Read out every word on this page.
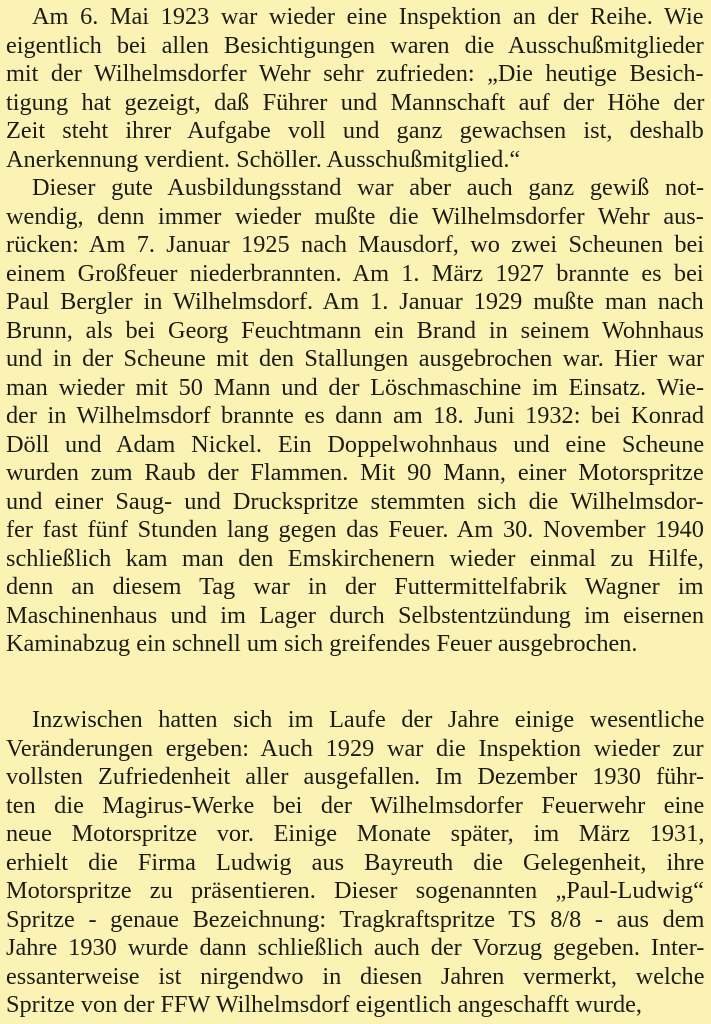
Am 6. Mai 1923 war wieder eine Inspektion an der Reihe. Wie
eigentlich bei allen Besichtigungen waren die Ausschußmitglieder
mit der Wilhelmsdorfer Wehr sehr zufrieden: „Die heutige Besich-
tigung hat gezeigt, daß Führer und Mannschaft auf der Höhe der
Zeit steht ihrer Aufgabe voll und ganz gewachsen ist, deshalb
Anerkennung verdient. Schöller. Ausschußmitglied.“
Dieser gute Ausbildungsstand war aber auch ganz gewiß not-
wendig, denn immer wieder mußte die Wilhelmsdorfer Wehr aus-
rücken: Am 7. Januar 1925 nach Mausdorf, wo zwei Scheunen bei
einem Großfeuer niederbrannten. Am 1. März 1927 brannte es bei
Paul Bergler in Wilhelmsdorf. Am 1. Januar 1929 mußte man nach
Brunn, als bei Georg Feuchtmann ein Brand in seinem Wohnhaus
und in der Scheune mit den Stallungen ausgebrochen war. Hier war
man wieder mit 50 Mann und der Löschmaschine im Einsatz. Wie-
der in Wilhelmsdorf brannte es dann am 18. Juni 1932: bei Konrad
Döll und Adam Nickel. Ein Doppelwohnhaus und eine Scheune
wurden zum Raub der Flammen. Mit 90 Mann, einer Motorspritze
und einer Saug- und Druckspritze stemmten sich die Wilhelmsdor-
fer fast fünf Stunden lang gegen das Feuer. Am 30. November 1940
schließlich kam man den Emskirchenern wieder einmal zu Hilfe,
denn an diesem Tag war in der Futtermittelfabrik Wagner im
Maschinenhaus und im Lager durch Selbstentzündung im eisernen
Kaminabzug ein schnell um sich greifendes Feuer ausgebrochen.
Inzwischen hatten sich im Laufe der Jahre einige wesentliche
Veränderungen ergeben: Auch 1929 war die Inspektion wieder zur
vollsten Zufriedenheit aller ausgefallen. Im Dezember 1930 führ-
ten die Magirus-Werke bei der Wilhelmsdorfer Feuerwehr eine
neue Motorspritze vor. Einige Monate später, im März 1931,
erhielt die Firma Ludwig aus Bayreuth die Gelegenheit, ihre
Motorspritze zu präsentieren. Dieser sogenannten „Paul-Ludwig“
Spritze - genaue Bezeichnung: Tragkraftspritze TS 8/8 - aus dem
Jahre 1930 wurde dann schließlich auch der Vorzug gegeben. Inter-
essanterweise ist nirgendwo in diesen Jahren vermerkt, welche
Spritze von der FFW Wilhelmsdorf eigentlich angeschafft wurde,
